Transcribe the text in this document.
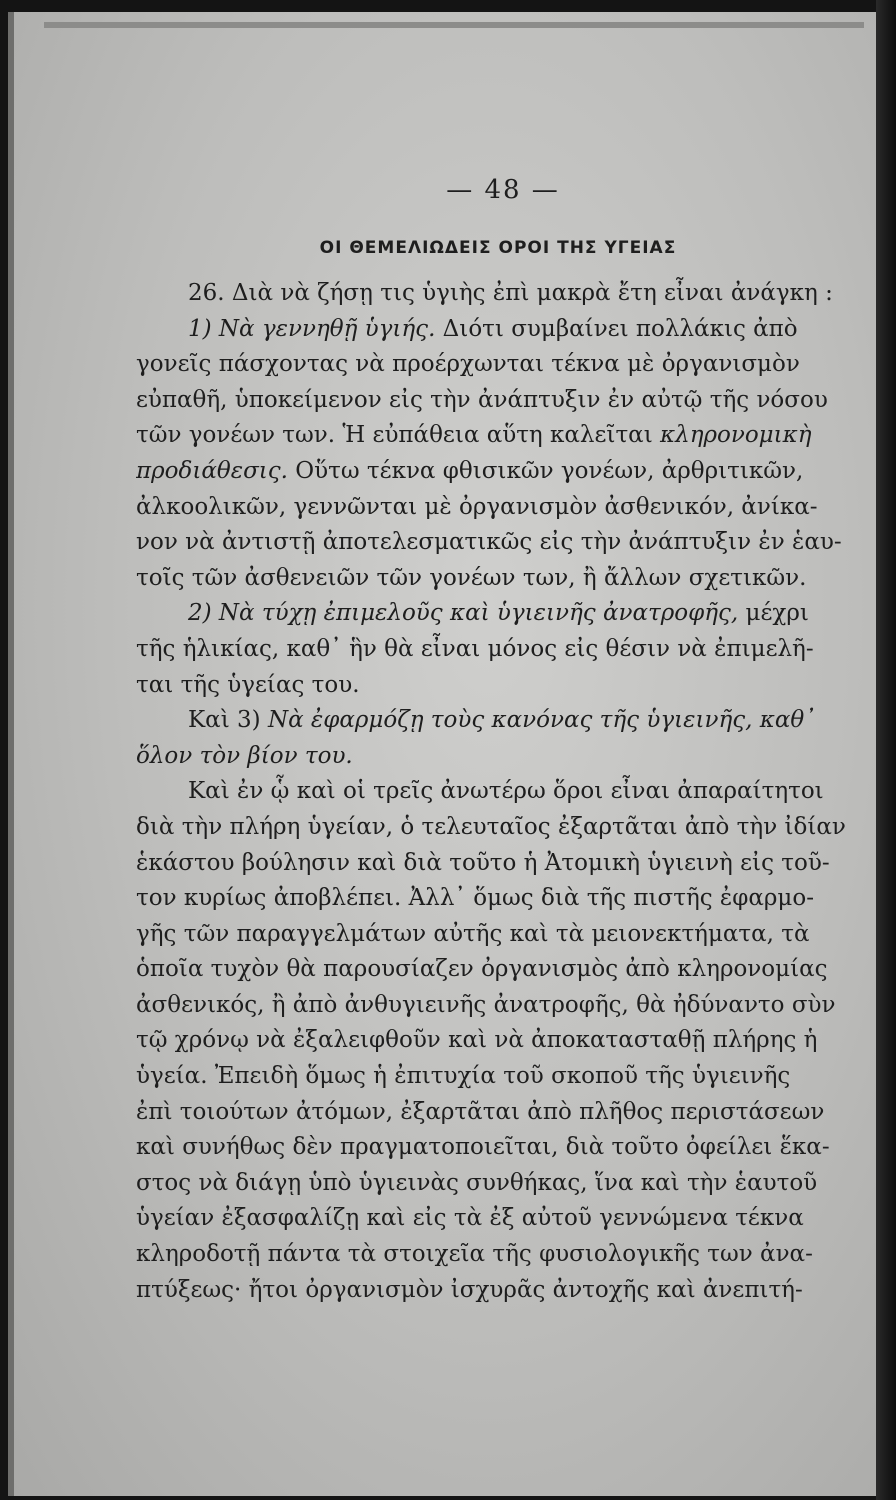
— 48 —
ΟΙ ΘΕΜΕΛΙΩΔΕΙΣ ΟΡΟΙ ΤΗΣ ΥΓΕΙΑΣ
26. Διὰ νὰ ζήσῃ τις ὑγιὴς ἐπὶ μακρὰ ἔτη εἶναι ἀνάγκη :
1) Νὰ γεννηθῇ ὑγιής. Διότι συμβαίνει πολλάκις ἀπὸ
γονεῖς πάσχοντας νὰ προέρχωνται τέκνα μὲ ὀργανισμὸν
εὐπαθῆ, ὑποκείμενον εἰς τὴν ἀνάπτυξιν ἐν αὐτῷ τῆς νόσου
τῶν γονέων των. Ἡ εὐπάθεια αὕτη καλεῖται κληρονομικὴ
προδιάθεσις. Οὕτω τέκνα φθισικῶν γονέων, ἀρθριτικῶν,
ἀλκοολικῶν, γεννῶνται μὲ ὀργανισμὸν ἀσθενικόν, ἀνίκα-
νον νὰ ἀντιστῇ ἀποτελεσματικῶς εἰς τὴν ἀνάπτυξιν ἐν ἑαυ-
τοῖς τῶν ἀσθενειῶν τῶν γονέων των, ἢ ἄλλων σχετικῶν.
2) Νὰ τύχῃ ἐπιμελοῦς καὶ ὑγιεινῆς ἀνατροφῆς, μέχρι
τῆς ἡλικίας, καθ᾽ ἣν θὰ εἶναι μόνος εἰς θέσιν νὰ ἐπιμελῆ-
ται τῆς ὑγείας του.
Καὶ 3) Νὰ ἐφαρμόζῃ τοὺς κανόνας τῆς ὑγιεινῆς, καθ᾽
ὅλον τὸν βίον του.
Καὶ ἐν ᾧ καὶ οἱ τρεῖς ἀνωτέρω ὅροι εἶναι ἀπαραίτητοι
διὰ τὴν πλήρη ὑγείαν, ὁ τελευταῖος ἐξαρτᾶται ἀπὸ τὴν ἰδίαν
ἑκάστου βούλησιν καὶ διὰ τοῦτο ἡ Ἀτομικὴ ὑγιεινὴ εἰς τοῦ-
τον κυρίως ἀποβλέπει. Ἀλλ᾽ ὅμως διὰ τῆς πιστῆς ἐφαρμο-
γῆς τῶν παραγγελμάτων αὐτῆς καὶ τὰ μειονεκτήματα, τὰ
ὁποῖα τυχὸν θὰ παρουσίαζεν ὀργανισμὸς ἀπὸ κληρονομίας
ἀσθενικός, ἢ ἀπὸ ἀνθυγιεινῆς ἀνατροφῆς, θὰ ἠδύναντο σὺν
τῷ χρόνῳ νὰ ἐξαλειφθοῦν καὶ νὰ ἀποκατασταθῇ πλήρης ἡ
ὑγεία. Ἐπειδὴ ὅμως ἡ ἐπιτυχία τοῦ σκοποῦ τῆς ὑγιεινῆς
ἐπὶ τοιούτων ἀτόμων, ἐξαρτᾶται ἀπὸ πλῆθος περιστάσεων
καὶ συνήθως δὲν πραγματοποιεῖται, διὰ τοῦτο ὀφείλει ἕκα-
στος νὰ διάγῃ ὑπὸ ὑγιεινὰς συνθήκας, ἵνα καὶ τὴν ἑαυτοῦ
ὑγείαν ἐξασφαλίζῃ καὶ εἰς τὰ ἐξ αὐτοῦ γεννώμενα τέκνα
κληροδοτῇ πάντα τὰ στοιχεῖα τῆς φυσιολογικῆς των ἀνα-
πτύξεως· ἤτοι ὀργανισμὸν ἰσχυρᾶς ἀντοχῆς καὶ ἀνεπιτή-
